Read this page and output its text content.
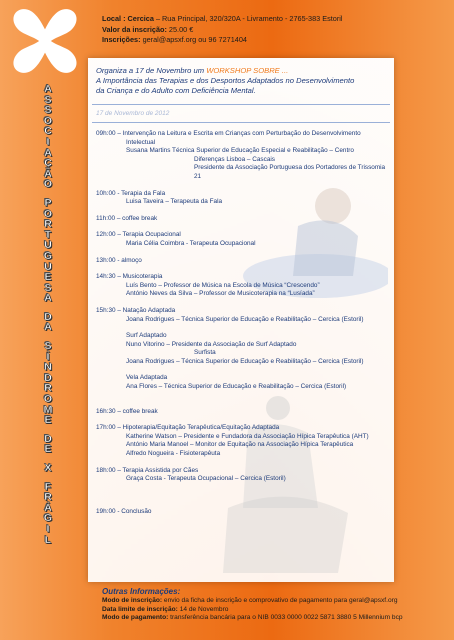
Local : Cercica – Rua Principal, 320/320A - Livramento - 2765-383 Estoril
Valor da inscrição: 25.00 €
Inscrições: geral@apsxf.org ou 96 7271404
A
S
S
O
C
I
A
Ç
Ã
O
P
O
R
T
U
G
U
E
S
A
D
A
S
Í
N
D
R
O
M
E
D
E
X
F
R
Á
G
I
L
Organiza a 17 de Novembro um WORKSHOP SOBRE ...
A Importância das Terapias e dos Desportos Adaptados no Desenvolvimento
da Criança e do Adulto com Deficiência Mental.
17 de Novembro de 2012

09h:00 – Intervenção na Leitura e Escrita em Crianças com Perturbação do Desenvolvimento

Intelectual

Susana Martins Técnica Superior de Educação Especial e Reabilitação – Centro

Diferenças Lisboa – Cascais

Presidente da Associação Portuguesa dos Portadores de Trissomia

21

10h:00 - Terapia da Fala

Luisa Taveira – Terapeuta da Fala

11h:00 – coffee break

12h:00 – Terapia Ocupacional

Maria Célia Coimbra - Terapeuta Ocupacional

13h:00 - almoço

14h:30 – Musicoterapia

Luís Bento – Professor de Música na Escola de Música “Crescendo”

António Neves da Silva – Professor de Musicoterapia na “Lusíada”

15h:30 – Natação Adaptada

Joana Rodrigues – Técnica Superior de Educação e Reabilitação – Cercica (Estoril)

Surf Adaptado

Nuno Vitorino – Presidente da Associação de Surf Adaptado

Surfista

Joana Rodrigues – Técnica Superior de Educação e Reabilitação – Cercica (Estoril)

Vela Adaptada

Ana Flores – Técnica Superior de Educação e Reabilitação – Cercica (Estoril)

16h:30 – coffee break

17h:00 – Hipoterapia/Equitação Terapêutica/Equitação Adaptada

Katherine Watson – Presidente e Fundadora da Associação Hípica Terapêutica (AHT)

António Maria Manoel – Monitor de Equitação na Associação Hípica Terapêutica

Alfredo Nogueira - Fisioterapêuta

18h:00 – Terapia Assistida por Cães

Graça Costa - Terapeuta Ocupacional – Cercica (Estoril)

19h:00 - Conclusão

Outras Informações:
Modo de inscrição: envio da ficha de inscrição e comprovativo de pagamento para geral@apsxf.org
Data limite de inscrição: 14 de Novembro
Modo de pagamento: transferência bancária para o NIB 0033 0000 0022 5871 3880 5 Millennium bcp
